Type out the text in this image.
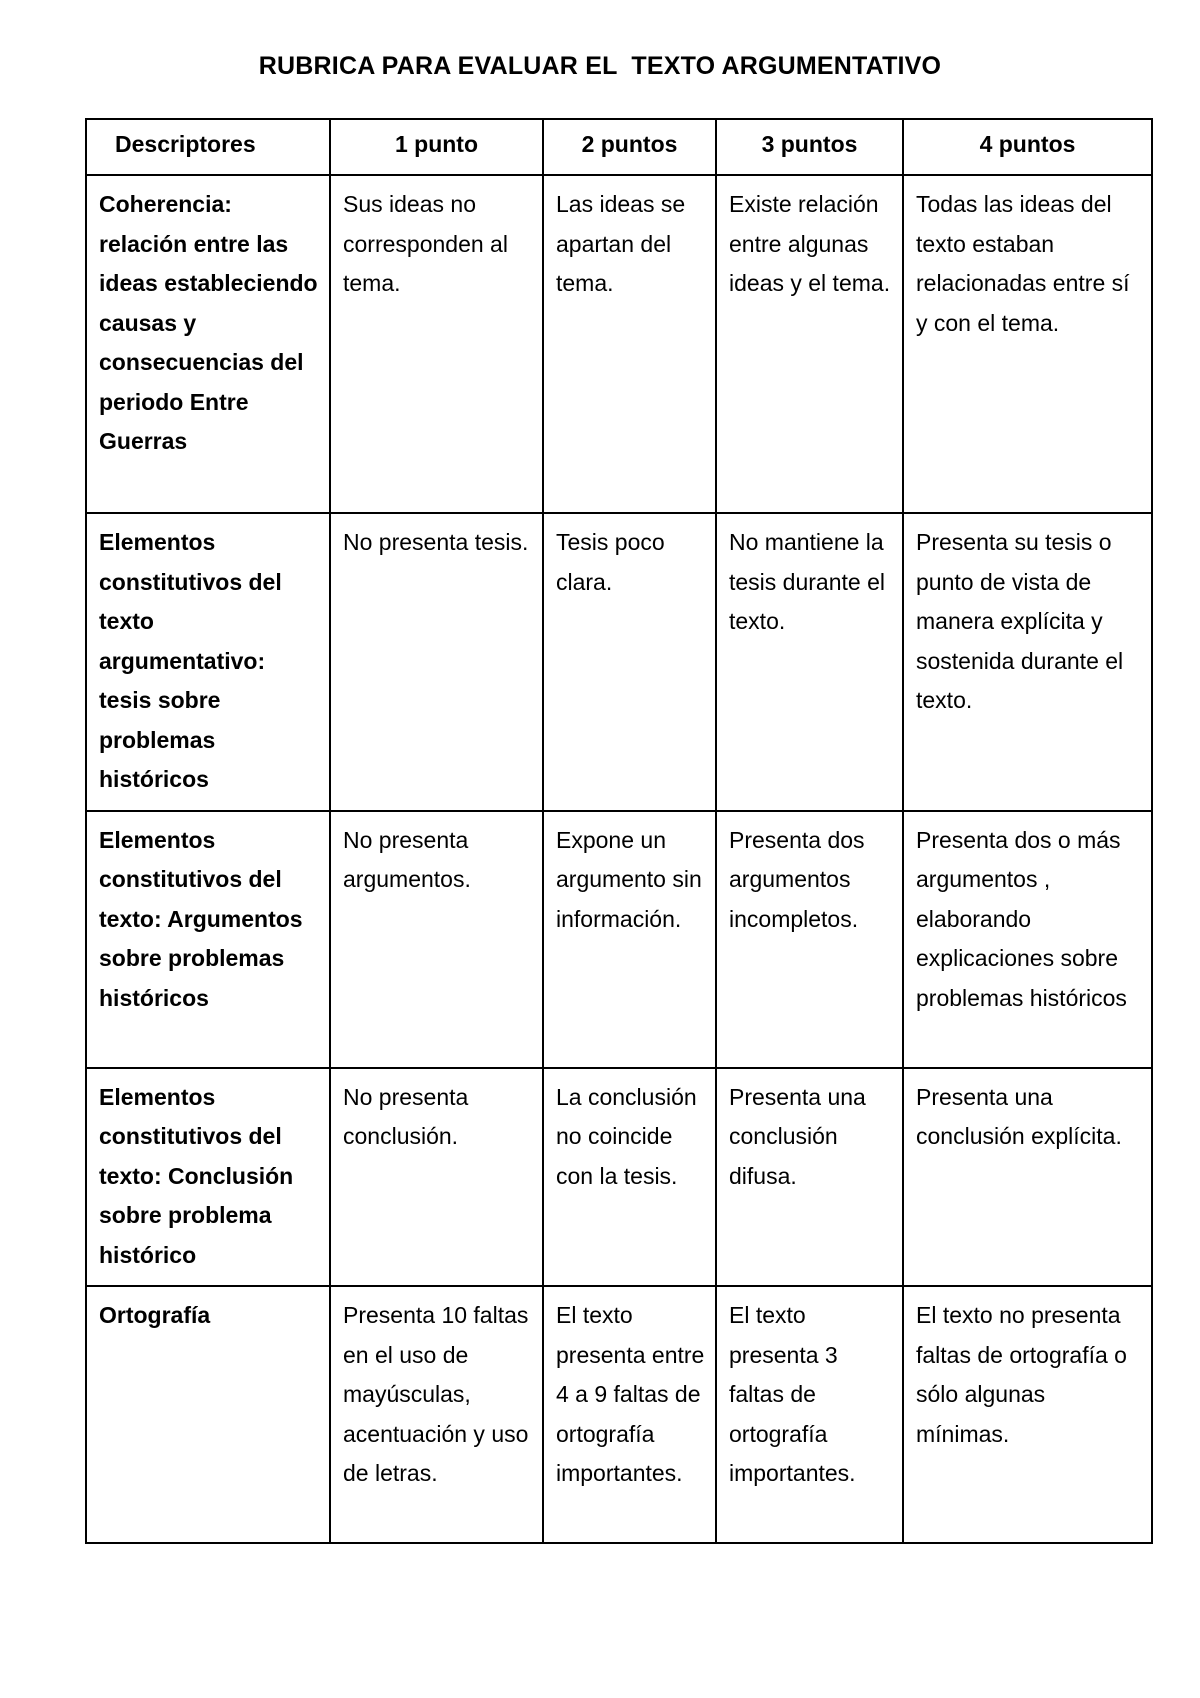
RUBRICA PARA EVALUAR EL  TEXTO ARGUMENTATIVO
Descriptores	1 punto	2 puntos	3 puntos	4 puntos
Coherencia: relación entre las ideas estableciendo causas y consecuencias del periodo Entre Guerras	Sus ideas no corresponden al tema.	Las ideas se apartan del tema.	Existe relación entre algunas ideas y el tema.	Todas las ideas del texto estaban relacionadas entre sí y con el tema.
Elementos constitutivos del texto argumentativo: tesis sobre problemas históricos	No presenta tesis.	Tesis poco clara.	No mantiene la tesis durante el texto.	Presenta su tesis o punto de vista de manera explícita y sostenida durante el texto.
Elementos constitutivos del texto: Argumentos sobre problemas históricos	No presenta argumentos.	Expone un argumento sin información.	Presenta dos argumentos incompletos.	Presenta dos o más argumentos , elaborando explicaciones sobre problemas históricos
Elementos constitutivos del texto: Conclusión sobre problema histórico	No presenta conclusión.	La conclusión no coincide con la tesis.	Presenta una conclusión difusa.	Presenta una conclusión explícita.
Ortografía	Presenta 10 faltas en el uso de mayúsculas, acentuación y uso de letras.	El texto presenta entre 4 a 9 faltas de ortografía importantes.	El texto presenta 3 faltas de ortografía importantes.	El texto no presenta faltas de ortografía o sólo algunas mínimas.
